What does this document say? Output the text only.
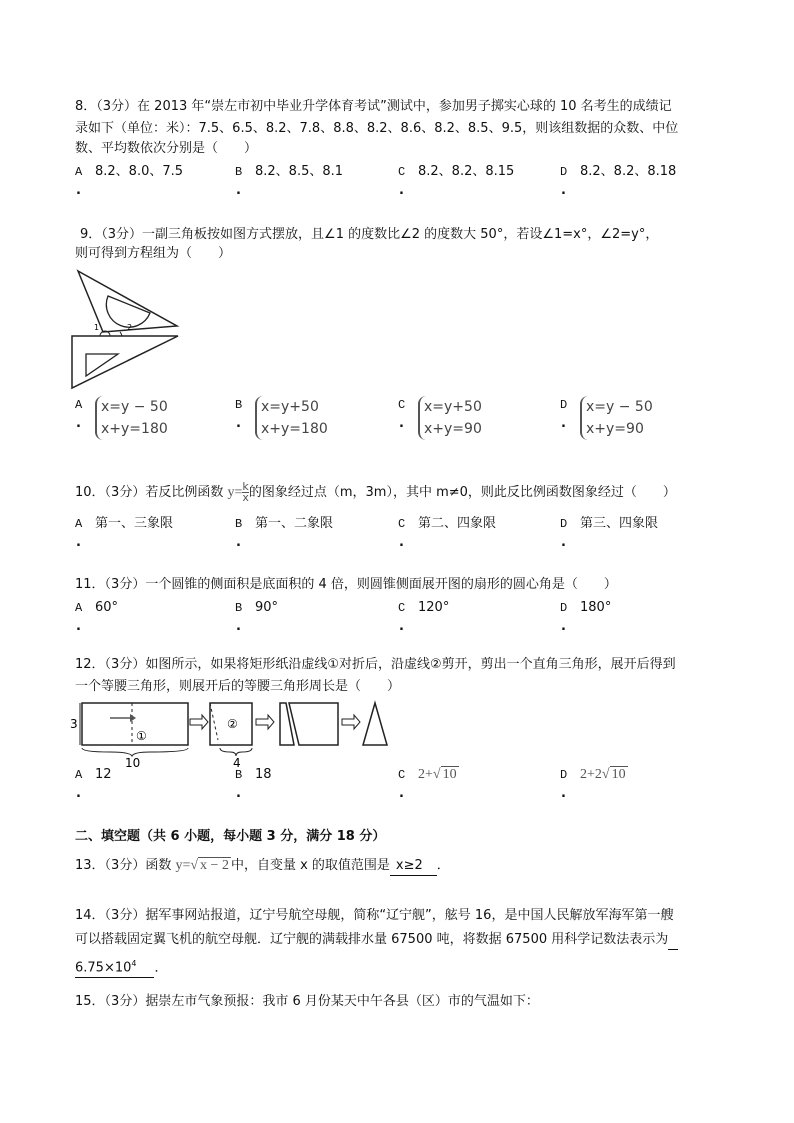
8．（3分）在 2013 年“崇左市初中毕业升学体育考试”测试中，参加男子掷实心球的 10 名考生的成绩记
录如下（单位：米）：7.5、6.5、8.2、7.8、8.8、8.2、8.6、8.2、8.5、9.5，则该组数据的众数、中位
数、平均数依次分别是（　　）
A 8.2、8.0、7.5
.
B 8.2、8.5、8.1
.
C 8.2、8.2、8.15
.
D 8.2、8.2、8.18
.
9．（3分）一副三角板按如图方式摆放，且∠1 的度数比∠2 的度数大 50°，若设∠1=x°，∠2=y°，
则可得到方程组为（　　）
1	2
A	x=y − 50
x+y=180
.
B	x=y+50
x+y=180
.
C	x=y+50
x+y=90
.
D	x=y − 50
x+y=90
.
10．（3分）若反比例函数 $y= \frac{k}{x}$ 的图象经过点（m，3m），其中 m≠0，则此反比例函数图象经过（　　）
A 第一、三象限
.
B 第一、二象限
.
C 第二、四象限
.
D 第三、四象限
.
11．（3分）一个圆锥的侧面积是底面积的 4 倍，则圆锥侧面展开图的扇形的圆心角是（　　）
A 60°
.
B 90°
.
C 120°
.
D 180°
.
12．（3分）如图所示，如果将矩形纸沿虚线①对折后，沿虚线②剪开，剪出一个直角三角形，展开后得到
一个等腰三角形，则展开后的等腰三角形周长是（　　）
3
①
10
②
4
A 12
.
B 18
.
C 2+√ 10
.
D 2+2√ 10
.
二、填空题（共 6 小题，每小题 3 分，满分 18 分）
13．（3分）函数 y=√ x − 2 中，自变量 x 的取值范围是 x≥2 ．
14．（3分）据军事网站报道，辽宁号航空母舰，简称“辽宁舰”，舷号 16，是中国人民解放军海军第一艘
可以搭载固定翼飞机的航空母舰．辽宁舰的满载排水量 67500 吨，将数据 67500 用科学记数法表示为
$6.75\times 10^4$ ．
15．（3分）据崇左市气象预报：我市 6 月份某天中午各县（区）市的气温如下：
